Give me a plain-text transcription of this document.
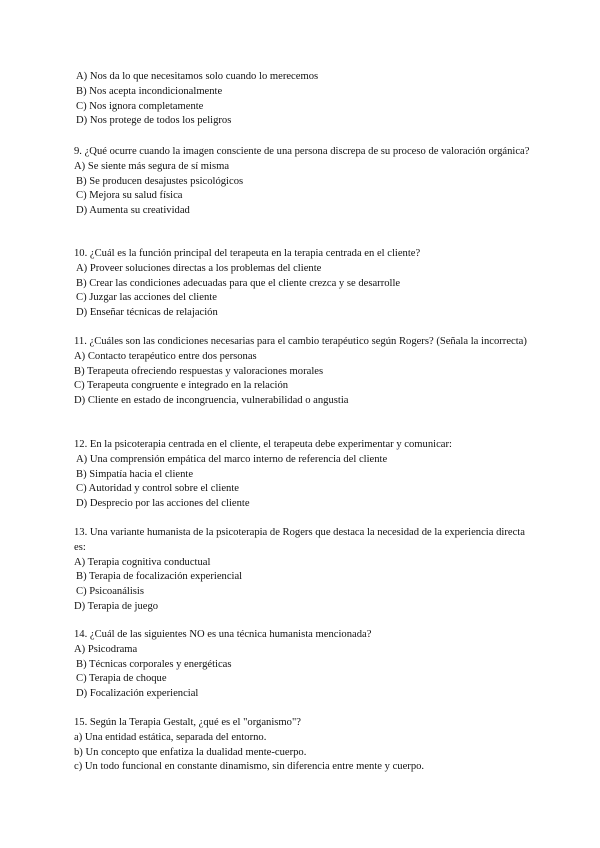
A) Nos da lo que necesitamos solo cuando lo merecemos
B) Nos acepta incondicionalmente
C) Nos ignora completamente
D) Nos protege de todos los peligros
9. ¿Qué ocurre cuando la imagen consciente de una persona discrepa de su proceso de valoración orgánica?
A) Se siente más segura de sí misma
B) Se producen desajustes psicológicos
C) Mejora su salud física
D) Aumenta su creatividad
10. ¿Cuál es la función principal del terapeuta en la terapia centrada en el cliente?
A) Proveer soluciones directas a los problemas del cliente
B) Crear las condiciones adecuadas para que el cliente crezca y se desarrolle
C) Juzgar las acciones del cliente
D) Enseñar técnicas de relajación
11. ¿Cuáles son las condiciones necesarias para el cambio terapéutico según Rogers? (Señala la incorrecta)
A) Contacto terapéutico entre dos personas
B) Terapeuta ofreciendo respuestas y valoraciones morales
C) Terapeuta congruente e integrado en la relación
D) Cliente en estado de incongruencia, vulnerabilidad o angustia
12. En la psicoterapia centrada en el cliente, el terapeuta debe experimentar y comunicar:
A) Una comprensión empática del marco interno de referencia del cliente
B) Simpatía hacia el cliente
C) Autoridad y control sobre el cliente
D) Desprecio por las acciones del cliente
13. Una variante humanista de la psicoterapia de Rogers que destaca la necesidad de la experiencia directa es:
A) Terapia cognitiva conductual
B) Terapia de focalización experiencial
C) Psicoanálisis
D) Terapia de juego
14. ¿Cuál de las siguientes NO es una técnica humanista mencionada?
A) Psicodrama
B) Técnicas corporales y energéticas
C) Terapia de choque
D) Focalización experiencial
15. Según la Terapia Gestalt, ¿qué es el "organismo"?
a) Una entidad estática, separada del entorno.
b) Un concepto que enfatiza la dualidad mente-cuerpo.
c) Un todo funcional en constante dinamismo, sin diferencia entre mente y cuerpo.
